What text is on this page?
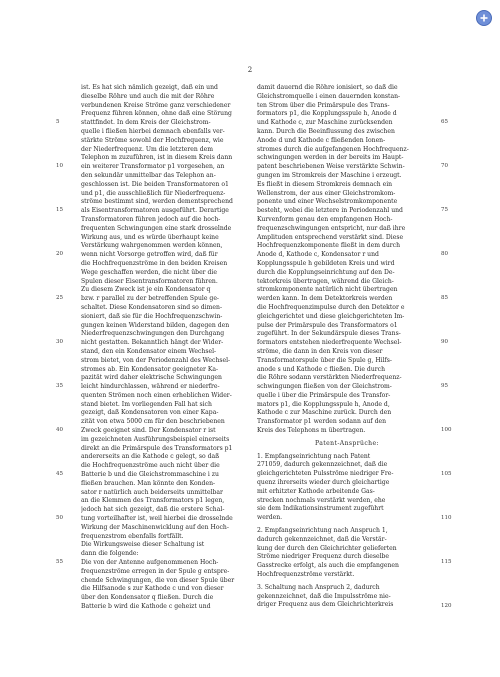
2
ist. Es hat sich nämlich gezeigt, daß ein und
dieselbe Röhre und auch die mit der Röhre
verbundenen Kreise Ströme ganz verschiedener
Frequenz führen können, ohne daß eine Störung
stattfindet. In dem Kreis der Gleichstrom-
quelle i fließen hierbei demnach ebenfalls ver-
stärkte Ströme sowohl der Hochfrequenz, wie
der Niederfrequenz. Um die letzteren dem
Telephon m zuzuführen, ist in diesem Kreis dann
ein weiterer Transformator p1 vorgesehen, an
den sekundär unmittelbar das Telephon an-
geschlossen ist. Die beiden Transformatoren o1
und p1, die ausschließlich für Niederfrequenz-
ströme bestimmt sind, werden dementsprechend
als Eisentransformatoren ausgeführt. Derartige
Transformatoren führen jedoch auf die hoch-
frequenten Schwingungen eine stark drosselnde
Wirkung aus, und es würde überhaupt keine
Verstärkung wahrgenommen werden können,
wenn nicht Vorsorge getroffen wird, daß für
die Hochfrequenzströme in den beiden Kreisen
Wege geschaffen werden, die nicht über die
Spulen dieser Eisentransformatoren führen.
Zu diesem Zweck ist je ein Kondensator q
bzw. r parallel zu der betreffenden Spule ge-
schaltet. Diese Kondensatoren sind so dimen-
sioniert, daß sie für die Hochfrequenzschwin-
gungen keinen Widerstand bilden, dagegen den
Niederfrequenzschwingungen den Durchgang
nicht gestatten. Bekanntlich hängt der Wider-
stand, den ein Kondensator einem Wechsel-
strom bietet, von der Periodenzahl des Wechsel-
stromes ab. Ein Kondensator geeigneter Ka-
pazität wird daher elektrische Schwingungen
leicht hindurchlassen, während er niederfre-
quenten Strömen noch einen erheblichen Wider-
stand bietet. Im vorliegenden Fall hat sich
gezeigt, daß Kondensatoren von einer Kapa-
zität von etwa 5000 cm für den beschriebenen
Zweck geeignet sind. Der Kondensator r ist
im gezeichneten Ausführungsbeispiel einerseits
direkt an die Primärspule des Transformators p1
andererseits an die Kathode c gelegt, so daß
die Hochfrequenzströme auch nicht über die
Batterie b und die Gleichstrommaschine i zu
fließen brauchen. Man könnte den Konden-
sator r natürlich auch beiderseits unmittelbar
an die Klemmen des Transformators p1 legen,
jedoch hat sich gezeigt, daß die erstere Schal-
tung vorteilhafter ist, weil hierbei die drosselnde
Wirkung der Maschinenwicklung auf den Hoch-
frequenzstrom ebenfalls fortfällt.
Die Wirkungsweise dieser Schaltung ist
dann die folgende:
Die von der Antenne aufgenommenen Hoch-
frequenzströme erregen in der Spule g entspre-
chende Schwingungen, die von dieser Spule über
die Hilfsanode s zur Kathode c und von dieser
über den Kondensator q fließen. Durch die
Batterie b wird die Kathode c geheizt und
5
10
15
20
25
30
35
40
45
50
55
damit dauernd die Röhre ionisiert, so daß die
Gleichstromquelle i einen dauernden konstan-
ten Strom über die Primärspule des Trans-
formators p1, die Kopplungsspule h, Anode d
und Kathode c, zur Maschine zurücksenden
kann. Durch die Beeinflussung des zwischen
Anode d und Kathode c fließenden Ionen-
stromes durch die aufgefangenen Hochfrequenz-
schwingungen werden in der bereits im Haupt-
patent beschriebenen Weise verstärkte Schwin-
gungen im Stromkreis der Maschine i erzeugt.
Es fließt in diesem Stromkreis demnach ein
Wellenstrom, der aus einer Gleichstromkom-
ponente und einer Wechselstromkomponente
besteht, wobei die letztere in Periodenzahl und
Kurvenform genau den empfangenen Hoch-
frequenzschwingungen entspricht, nur daß ihre
Amplituden entsprechend verstärkt sind. Diese
Hochfrequenzkomponente fließt in dem durch
Anode d, Kathode c, Kondensator r und
Kopplungsspule h gebildeten Kreis und wird
durch die Kopplungseinrichtung auf den De-
tektorkreis übertragen, während die Gleich-
stromkomponente natürlich nicht übertragen
werden kann. In dem Detektorkreis werden
die Hochfrequenzimpulse durch den Detektor e
gleichgerichtet und diese gleichgerichteten Im-
pulse der Primärspule des Transformators o1
zugeführt. In der Sekundärspule dieses Trans-
formators entstehen niederfrequente Wechsel-
ströme, die dann in den Kreis von dieser
Transformatorspule über die Spule g, Hilfs-
anode s und Kathode c fließen. Die durch
die Röhre sodann verstärkten Niederfrequenz-
schwingungen fließen von der Gleichstrom-
quelle i über die Primärspule des Transfor-
mators p1, die Kopplungsspule h, Anode d,
Kathode c zur Maschine zurück. Durch den
Transformator p1 werden sodann auf den
Kreis des Telephons m übertragen.
Patent-Ansprüche:
1. Empfangseinrichtung nach Patent
271059, dadurch gekennzeichnet, daß die
gleichgerichteten Pulsströme niedriger Fre-
quenz ihrerseits wieder durch gleichartige
mit erhitzter Kathode arbeitende Gas-
strecken nochmals verstärkt werden, ehe
sie dem Indikationsinstrument zugeführt
werden.
2. Empfangseinrichtung nach Anspruch 1,
dadurch gekennzeichnet, daß die Verstär-
kung der durch den Gleichrichter gelieferten
Ströme niedriger Frequenz durch dieselbe
Gasstrecke erfolgt, als auch die empfangenen
Hochfrequenzströme verstärkt.
3. Schaltung nach Anspruch 2, dadurch
gekennzeichnet, daß die Impulsströme nie-
driger Frequenz aus dem Gleichrichterkreis
65
70
75
80
85
90
95
100
105
110
115
120
